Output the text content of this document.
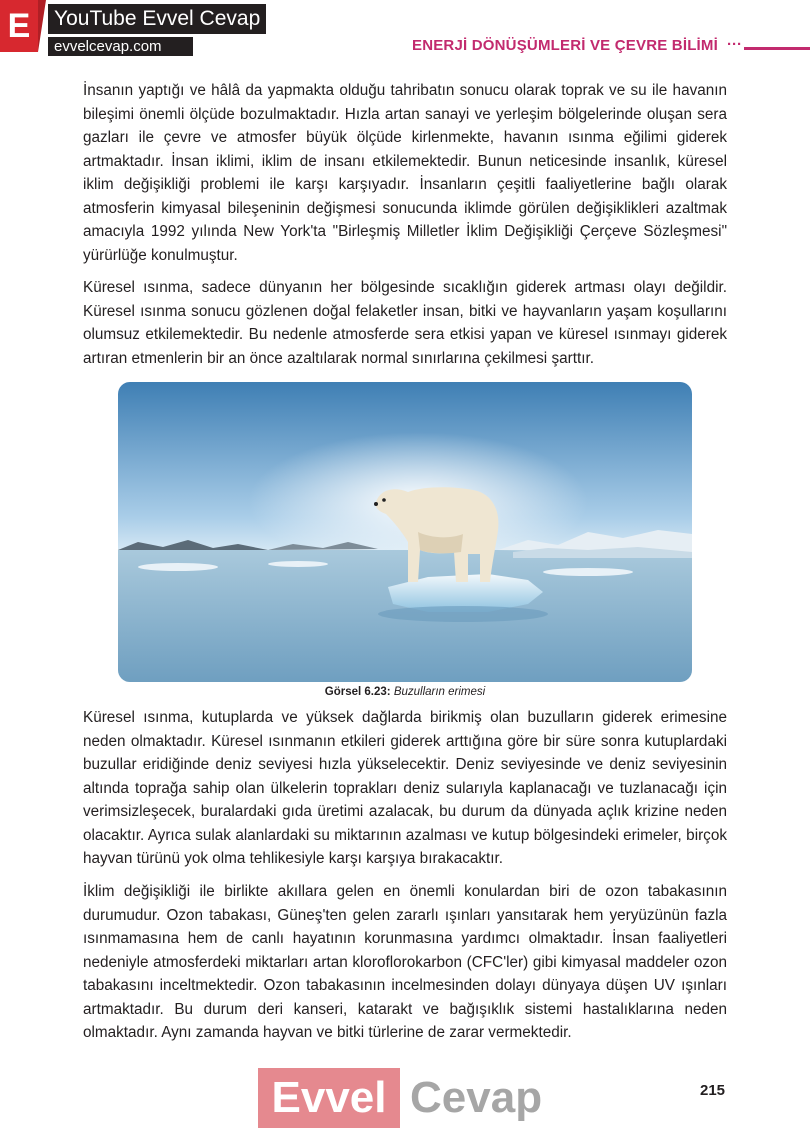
E	YouTube Evvel Cevap
evvelcevap.com	ENERJİ DÖNÜŞÜMLERİ VE ÇEVRE BİLİMİ ···

İnsanın yaptığı ve hâlâ da yapmakta olduğu tahribatın sonucu olarak toprak ve su ile havanın bileşimi önemli ölçüde bozulmaktadır. Hızla artan sanayi ve yerleşim bölgelerinde oluşan sera gazları ile çevre ve atmosfer büyük ölçüde kirlenmekte, havanın ısınma eğilimi giderek artmaktadır. İnsan iklimi, iklim de insanı etkilemektedir. Bunun neticesinde insanlık, küresel iklim değişikliği problemi ile karşı karşıyadır. İnsanların çeşitli faaliyetlerine bağlı olarak atmosferin kimyasal bileşeninin değişmesi sonucunda iklimde görülen değişiklikleri azaltmak amacıyla 1992 yılında New York'ta "Birleşmiş Milletler İklim Değişikliği Çerçeve Sözleşmesi" yürürlüğe konulmuştur.

Küresel ısınma, sadece dünyanın her bölgesinde sıcaklığın giderek artması olayı değildir. Küresel ısınma sonucu gözlenen doğal felaketler insan, bitki ve hayvanların yaşam koşullarını olumsuz etkilemektedir. Bu nedenle atmosferde sera etkisi yapan ve küresel ısınmayı giderek artıran etmenlerin bir an önce azaltılarak normal sınırlarına çekilmesi şarttır.

Görsel 6.23: Buzulların erimesi

Küresel ısınma, kutuplarda ve yüksek dağlarda birikmiş olan buzulların giderek erimesine neden olmaktadır. Küresel ısınmanın etkileri giderek arttığına göre bir süre sonra kutuplardaki buzullar eridiğinde deniz seviyesi hızla yükselecektir. Deniz seviyesinde ve deniz seviyesinin altında toprağa sahip olan ülkelerin toprakları deniz sularıyla kaplanacağı ve tuzlanacağı için verimsizleşecek, buralardaki gıda üretimi azalacak, bu durum da dünyada açlık krizine neden olacaktır. Ayrıca sulak alanlardaki su miktarının azalması ve kutup bölgesindeki erimeler, birçok hayvan türünü yok olma tehlikesiyle karşı karşıya bırakacaktır.

İklim değişikliği ile birlikte akıllara gelen en önemli konulardan biri de ozon tabakasının durumudur. Ozon tabakası, Güneş'ten gelen zararlı ışınları yansıtarak hem yeryüzünün fazla ısınmamasına hem de canlı hayatının korunmasına yardımcı olmaktadır. İnsan faaliyetleri nedeniyle atmosferdeki miktarları artan kloroflorokarbon (CFC'ler) gibi kimyasal maddeler ozon tabakasını inceltmektedir. Ozon tabakasının incelmesinden dolayı dünyaya düşen UV ışınları artmaktadır. Bu durum deri kanseri, katarakt ve bağışıklık sistemi hastalıklarına neden olmaktadır. Aynı zamanda hayvan ve bitki türlerine de zarar vermektedir.

Evvel Cevap	215
